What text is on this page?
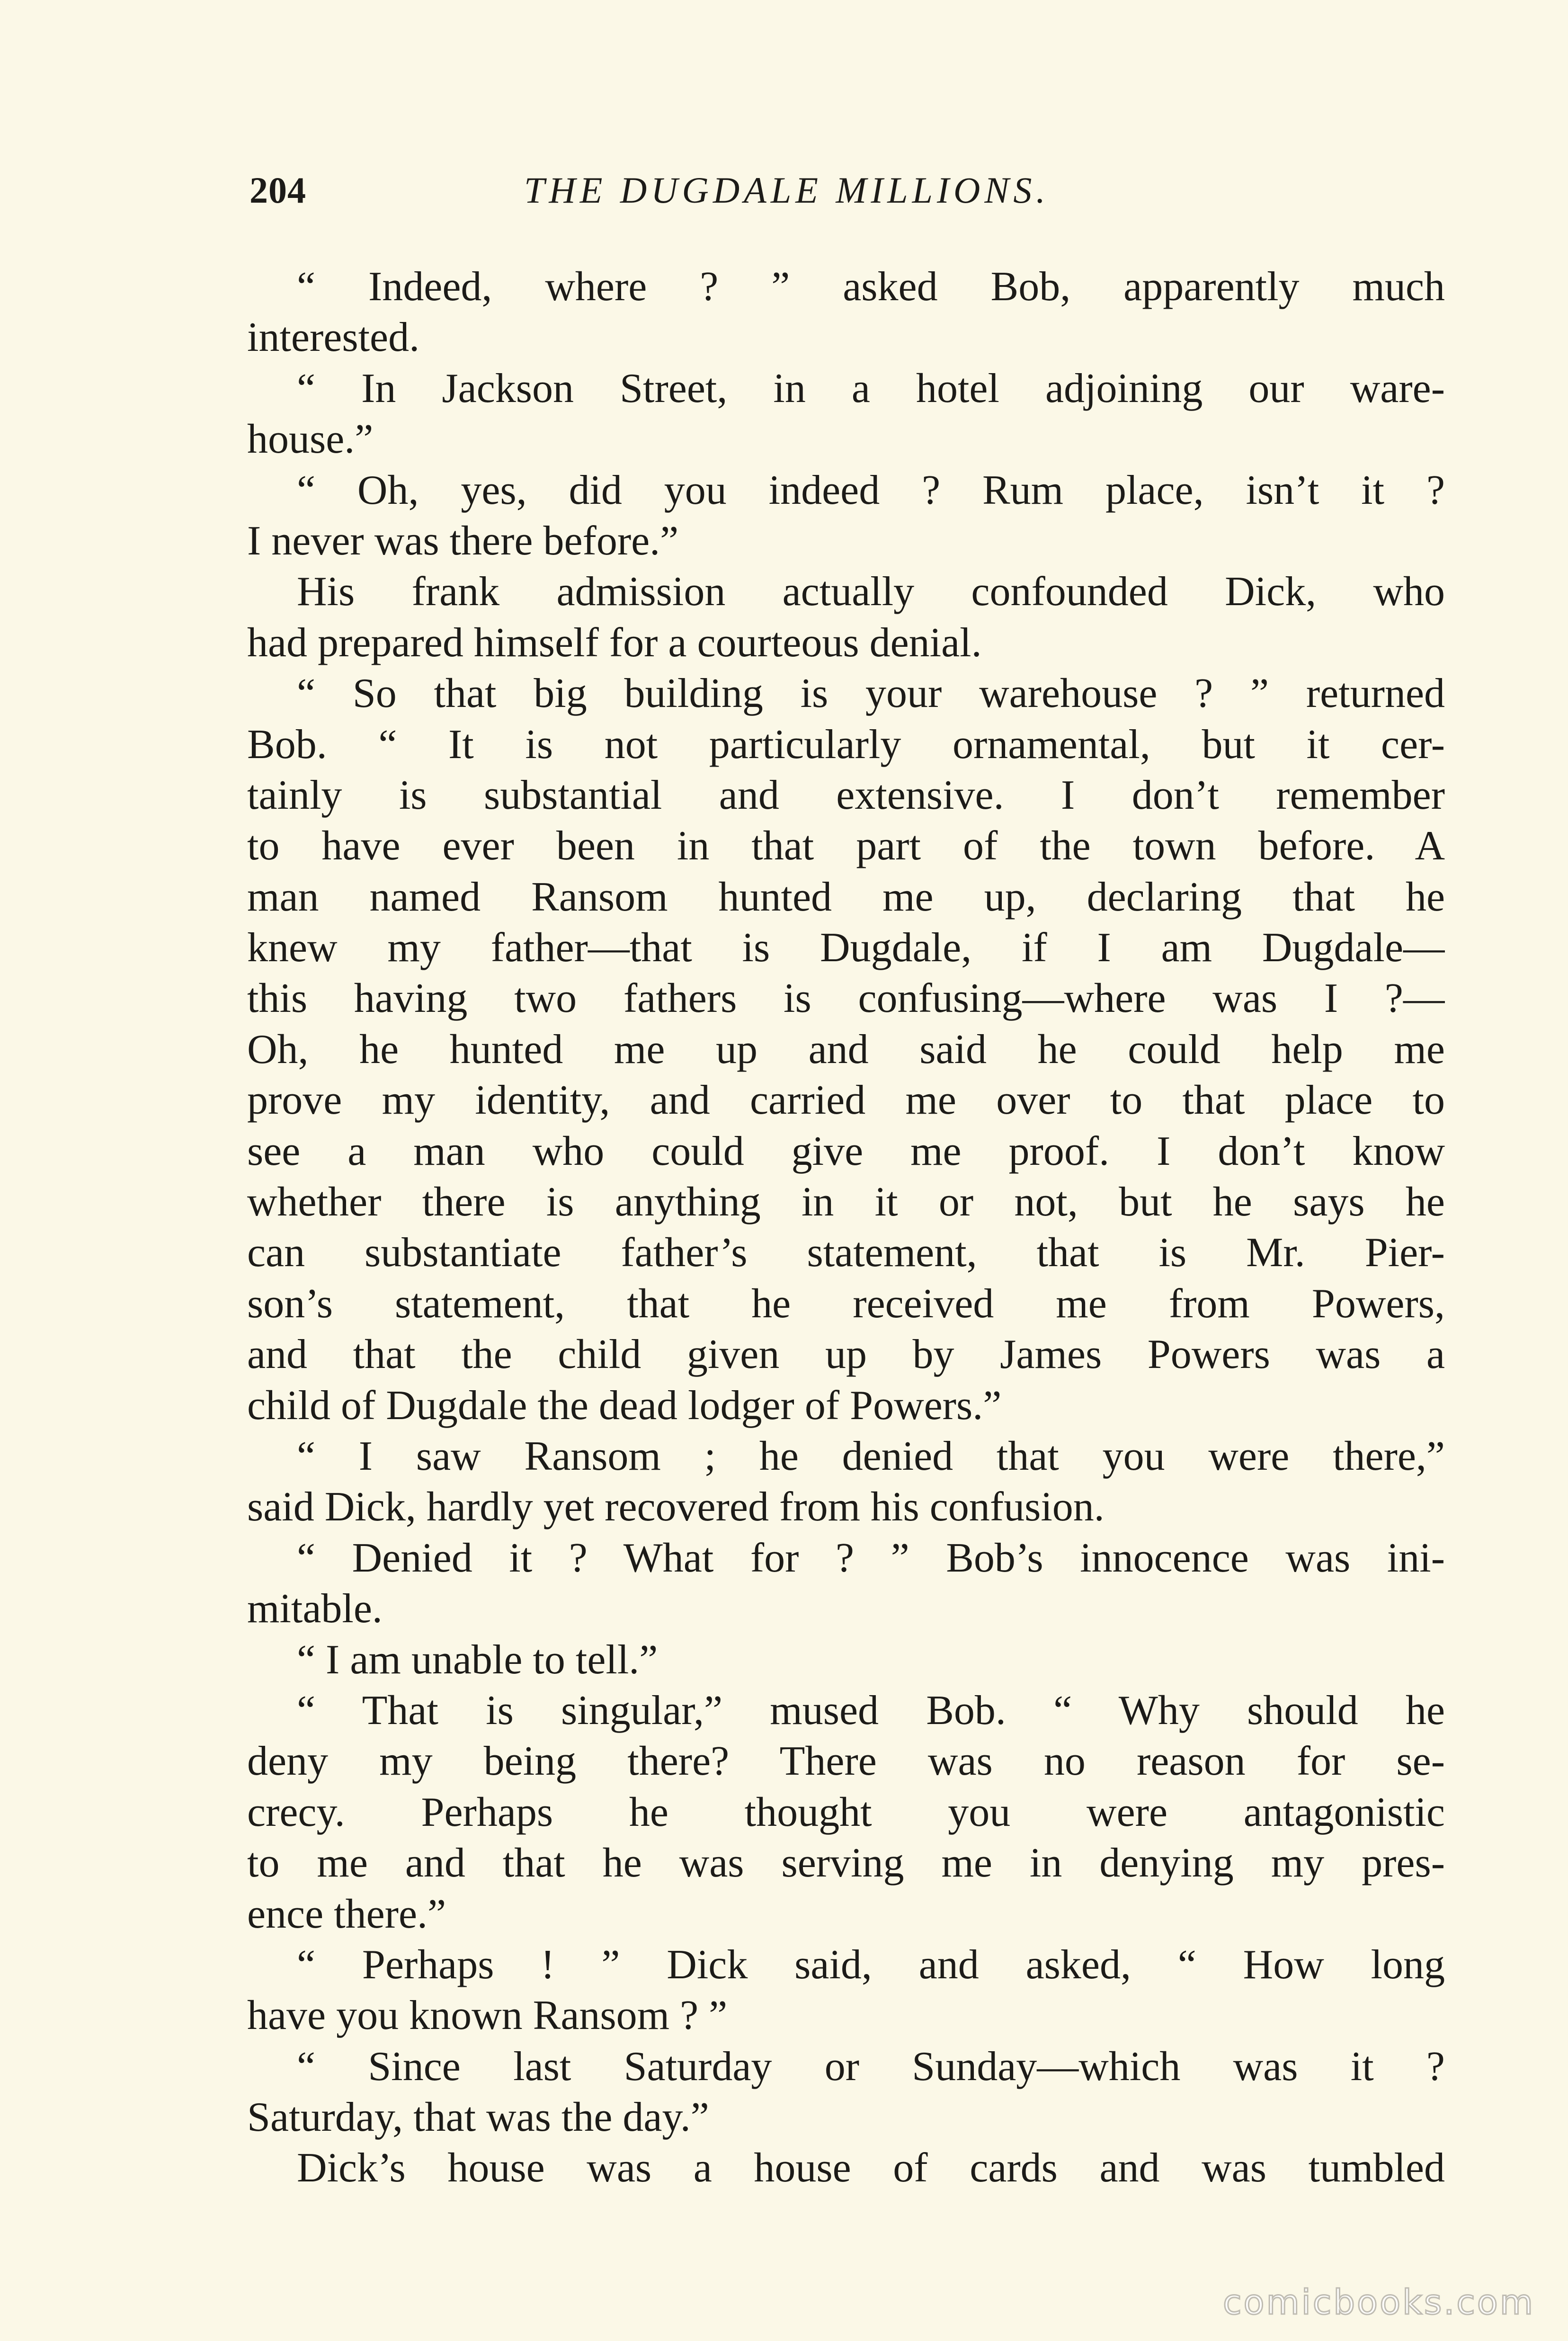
204	THE DUGDALE MILLIONS.
“ Indeed, where ? ” asked Bob, apparently much
interested.
“ In Jackson Street, in a hotel adjoining our ware-
house.”
“ Oh, yes, did you indeed ? Rum place, isn’t it ?
I never was there before.”
His frank admission actually confounded Dick, who
had prepared himself for a courteous denial.
“ So that big building is your warehouse ? ” returned
Bob. “ It is not particularly ornamental, but it cer-
tainly is substantial and extensive. I don’t remember
to have ever been in that part of the town before. A
man named Ransom hunted me up, declaring that he
knew my father—that is Dugdale, if I am Dugdale—
this having two fathers is confusing—where was I ?—
Oh, he hunted me up and said he could help me
prove my identity, and carried me over to that place to
see a man who could give me proof. I don’t know
whether there is anything in it or not, but he says he
can substantiate father’s statement, that is Mr. Pier-
son’s statement, that he received me from Powers,
and that the child given up by James Powers was a
child of Dugdale the dead lodger of Powers.”
“ I saw Ransom ; he denied that you were there,”
said Dick, hardly yet recovered from his confusion.
“ Denied it ? What for ? ” Bob’s innocence was ini-
mitable.
“ I am unable to tell.”
“ That is singular,” mused Bob. “ Why should he
deny my being there? There was no reason for se-
crecy. Perhaps he thought you were antagonistic
to me and that he was serving me in denying my pres-
ence there.”
“ Perhaps ! ” Dick said, and asked, “ How long
have you known Ransom ? ”
“ Since last Saturday or Sunday—which was it ?
Saturday, that was the day.”
Dick’s house was a house of cards and was tumbled
comicbooks.com
